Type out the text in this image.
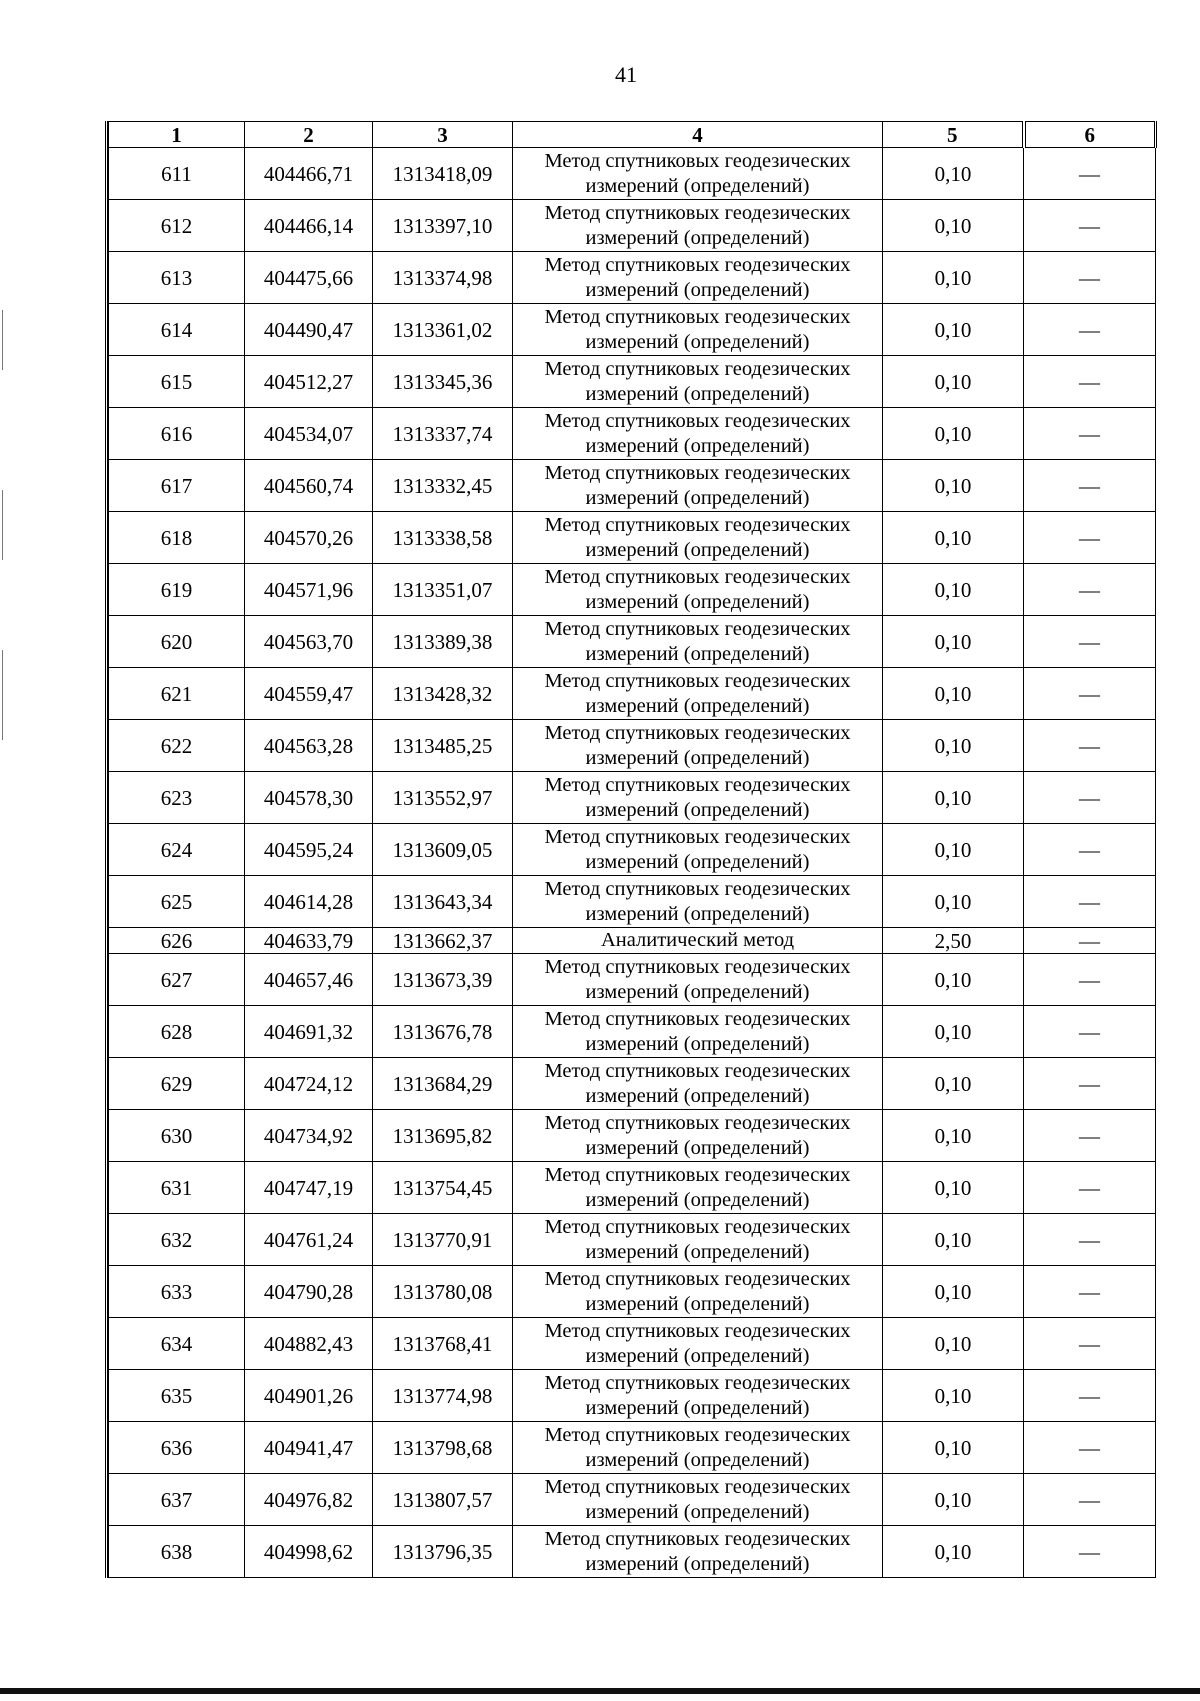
41
1	2	3	4	5	6
611	404466,71	1313418,09	Метод спутниковых геодезических измерений (определений)	0,10	—
612	404466,14	1313397,10	Метод спутниковых геодезических измерений (определений)	0,10	—
613	404475,66	1313374,98	Метод спутниковых геодезических измерений (определений)	0,10	—
614	404490,47	1313361,02	Метод спутниковых геодезических измерений (определений)	0,10	—
615	404512,27	1313345,36	Метод спутниковых геодезических измерений (определений)	0,10	—
616	404534,07	1313337,74	Метод спутниковых геодезических измерений (определений)	0,10	—
617	404560,74	1313332,45	Метод спутниковых геодезических измерений (определений)	0,10	—
618	404570,26	1313338,58	Метод спутниковых геодезических измерений (определений)	0,10	—
619	404571,96	1313351,07	Метод спутниковых геодезических измерений (определений)	0,10	—
620	404563,70	1313389,38	Метод спутниковых геодезических измерений (определений)	0,10	—
621	404559,47	1313428,32	Метод спутниковых геодезических измерений (определений)	0,10	—
622	404563,28	1313485,25	Метод спутниковых геодезических измерений (определений)	0,10	—
623	404578,30	1313552,97	Метод спутниковых геодезических измерений (определений)	0,10	—
624	404595,24	1313609,05	Метод спутниковых геодезических измерений (определений)	0,10	—
625	404614,28	1313643,34	Метод спутниковых геодезических измерений (определений)	0,10	—
626	404633,79	1313662,37	Аналитический метод	2,50	—
627	404657,46	1313673,39	Метод спутниковых геодезических измерений (определений)	0,10	—
628	404691,32	1313676,78	Метод спутниковых геодезических измерений (определений)	0,10	—
629	404724,12	1313684,29	Метод спутниковых геодезических измерений (определений)	0,10	—
630	404734,92	1313695,82	Метод спутниковых геодезических измерений (определений)	0,10	—
631	404747,19	1313754,45	Метод спутниковых геодезических измерений (определений)	0,10	—
632	404761,24	1313770,91	Метод спутниковых геодезических измерений (определений)	0,10	—
633	404790,28	1313780,08	Метод спутниковых геодезических измерений (определений)	0,10	—
634	404882,43	1313768,41	Метод спутниковых геодезических измерений (определений)	0,10	—
635	404901,26	1313774,98	Метод спутниковых геодезических измерений (определений)	0,10	—
636	404941,47	1313798,68	Метод спутниковых геодезических измерений (определений)	0,10	—
637	404976,82	1313807,57	Метод спутниковых геодезических измерений (определений)	0,10	—
638	404998,62	1313796,35	Метод спутниковых геодезических измерений (определений)	0,10	—
